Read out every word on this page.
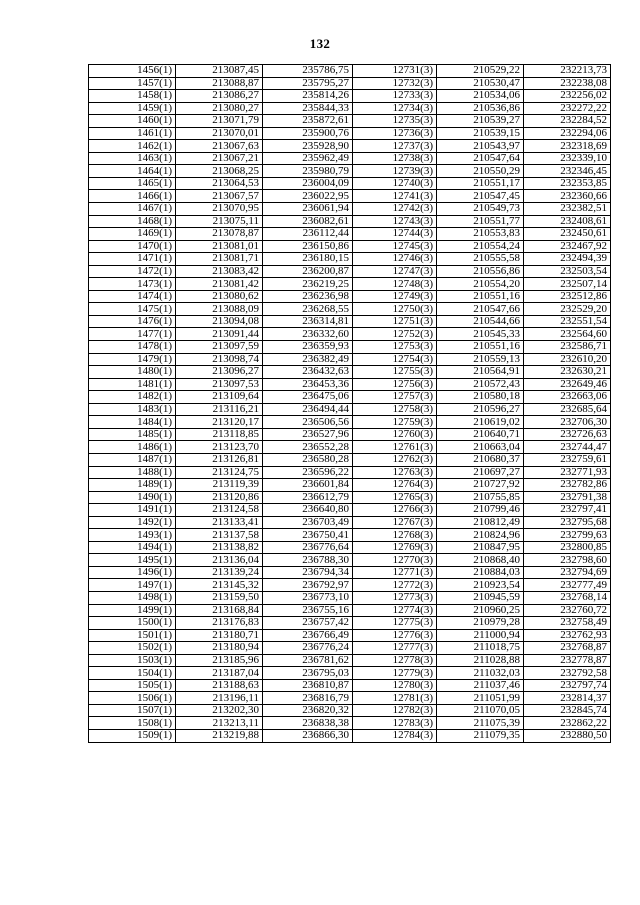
132
1456(1)	213087,45	235786,75	12731(3)	210529,22	232213,73
1457(1)	213088,87	235795,27	12732(3)	210530,47	232238,08
1458(1)	213086,27	235814,26	12733(3)	210534,06	232256,02
1459(1)	213080,27	235844,33	12734(3)	210536,86	232272,22
1460(1)	213071,79	235872,61	12735(3)	210539,27	232284,52
1461(1)	213070,01	235900,76	12736(3)	210539,15	232294,06
1462(1)	213067,63	235928,90	12737(3)	210543,97	232318,69
1463(1)	213067,21	235962,49	12738(3)	210547,64	232339,10
1464(1)	213068,25	235980,79	12739(3)	210550,29	232346,45
1465(1)	213064,53	236004,09	12740(3)	210551,17	232353,85
1466(1)	213067,57	236022,95	12741(3)	210547,45	232360,66
1467(1)	213070,95	236061,94	12742(3)	210549,73	232382,51
1468(1)	213075,11	236082,61	12743(3)	210551,77	232408,61
1469(1)	213078,87	236112,44	12744(3)	210553,83	232450,61
1470(1)	213081,01	236150,86	12745(3)	210554,24	232467,92
1471(1)	213081,71	236180,15	12746(3)	210555,58	232494,39
1472(1)	213083,42	236200,87	12747(3)	210556,86	232503,54
1473(1)	213081,42	236219,25	12748(3)	210554,20	232507,14
1474(1)	213080,62	236236,98	12749(3)	210551,16	232512,86
1475(1)	213088,09	236268,55	12750(3)	210547,66	232529,20
1476(1)	213094,08	236314,81	12751(3)	210544,66	232551,54
1477(1)	213091,44	236332,60	12752(3)	210545,33	232564,60
1478(1)	213097,59	236359,93	12753(3)	210551,16	232586,71
1479(1)	213098,74	236382,49	12754(3)	210559,13	232610,20
1480(1)	213096,27	236432,63	12755(3)	210564,91	232630,21
1481(1)	213097,53	236453,36	12756(3)	210572,43	232649,46
1482(1)	213109,64	236475,06	12757(3)	210580,18	232663,06
1483(1)	213116,21	236494,44	12758(3)	210596,27	232685,64
1484(1)	213120,17	236506,56	12759(3)	210619,02	232706,30
1485(1)	213118,85	236527,96	12760(3)	210640,71	232726,63
1486(1)	213123,70	236552,28	12761(3)	210663,04	232744,47
1487(1)	213126,81	236580,28	12762(3)	210680,37	232759,61
1488(1)	213124,75	236596,22	12763(3)	210697,27	232771,93
1489(1)	213119,39	236601,84	12764(3)	210727,92	232782,86
1490(1)	213120,86	236612,79	12765(3)	210755,85	232791,38
1491(1)	213124,58	236640,80	12766(3)	210799,46	232797,41
1492(1)	213133,41	236703,49	12767(3)	210812,49	232795,68
1493(1)	213137,58	236750,41	12768(3)	210824,96	232799,63
1494(1)	213138,82	236776,64	12769(3)	210847,95	232800,85
1495(1)	213136,04	236788,30	12770(3)	210868,40	232798,60
1496(1)	213139,24	236794,34	12771(3)	210884,03	232794,69
1497(1)	213145,32	236792,97	12772(3)	210923,54	232777,49
1498(1)	213159,50	236773,10	12773(3)	210945,59	232768,14
1499(1)	213168,84	236755,16	12774(3)	210960,25	232760,72
1500(1)	213176,83	236757,42	12775(3)	210979,28	232758,49
1501(1)	213180,71	236766,49	12776(3)	211000,94	232762,93
1502(1)	213180,94	236776,24	12777(3)	211018,75	232768,87
1503(1)	213185,96	236781,62	12778(3)	211028,88	232778,87
1504(1)	213187,04	236795,03	12779(3)	211032,03	232792,58
1505(1)	213188,63	236810,87	12780(3)	211037,46	232797,74
1506(1)	213196,11	236816,79	12781(3)	211051,99	232814,37
1507(1)	213202,30	236820,32	12782(3)	211070,05	232845,74
1508(1)	213213,11	236838,38	12783(3)	211075,39	232862,22
1509(1)	213219,88	236866,30	12784(3)	211079,35	232880,50
